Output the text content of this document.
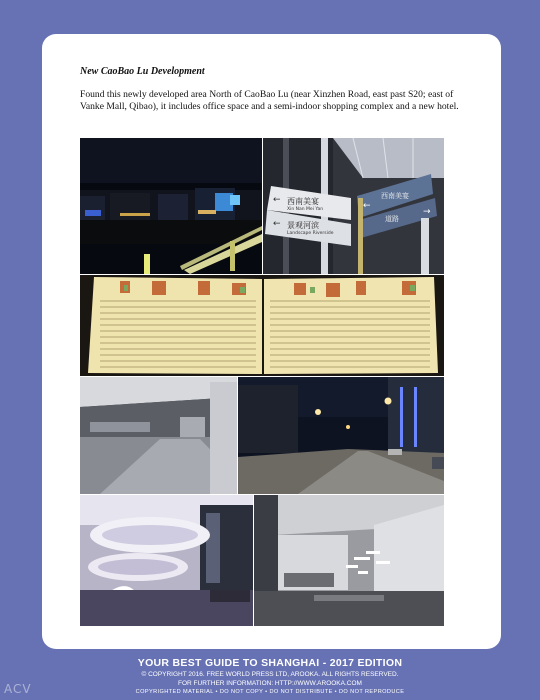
New CaoBao Lu Development
Found this newly developed area North of CaoBao Lu (near Xinzhen Road, east past S20; east of Vanke Mall, Qibao), it includes office space and a semi-indoor shopping complex and a new hotel.
西南美宴
Xin Nan Mei Yan
景观河滨
Landscape Riverside
西南美宴
道路
←
←
←
→
YOUR BEST GUIDE TO SHANGHAI - 2017 EDITION
© COPYRIGHT 2016. FREE WORLD PRESS LTD, AROOKA. ALL RIGHTS RESERVED.
FOR FURTHER INFORMATION: HTTP://WWW.AROOKA.COM
COPYRIGHTED MATERIAL • DO NOT COPY • DO NOT DISTRIBUTE • DO NOT REPRODUCE
ACV
